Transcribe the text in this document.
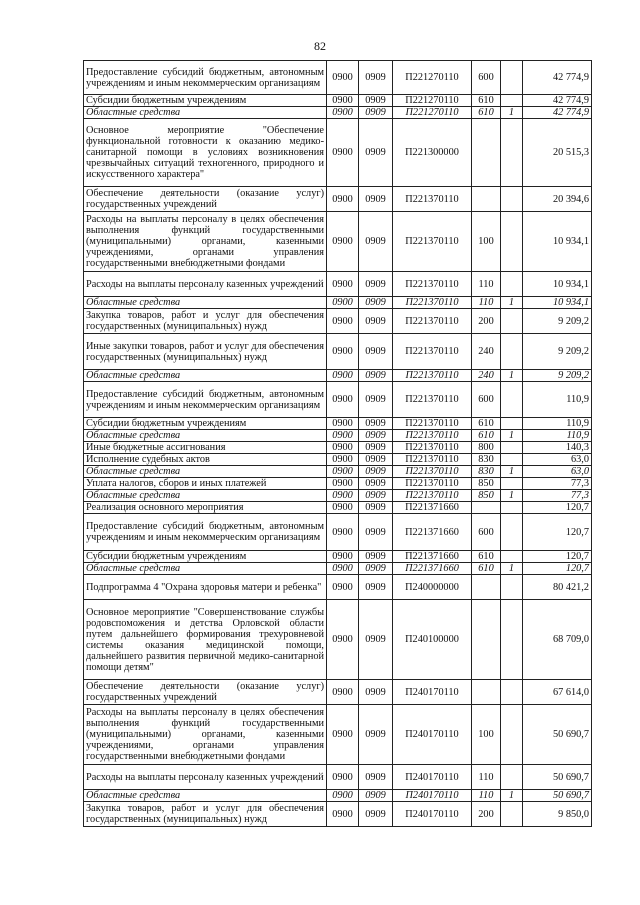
82
Предоставление субсидий бюджетным, автономным учреждениям и иным некоммерческим организациям	0900	0909	П221270110	600		42 774,9
Субсидии бюджетным учреждениям	0900	0909	П221270110	610		42 774,9
Областные средства	0900	0909	П221270110	610	1	42 774,9
Основное мероприятие "Обеспечение функциональной готовности к оказанию медико-санитарной помощи в условиях возникновения чрезвычайных ситуаций техногенного, природного и искусственного характера"	0900	0909	П221300000			20 515,3
Обеспечение деятельности (оказание услуг) государственных учреждений	0900	0909	П221370110			20 394,6
Расходы на выплаты персоналу в целях обеспечения выполнения функций государственными (муниципальными) органами, казенными учреждениями, органами управления государственными внебюджетными фондами	0900	0909	П221370110	100		10 934,1
Расходы на выплаты персоналу казенных учреждений	0900	0909	П221370110	110		10 934,1
Областные средства	0900	0909	П221370110	110	1	10 934,1
Закупка товаров, работ и услуг для обеспечения государственных (муниципальных) нужд	0900	0909	П221370110	200		9 209,2
Иные закупки товаров, работ и услуг для обеспечения государственных (муниципальных) нужд	0900	0909	П221370110	240		9 209,2
Областные средства	0900	0909	П221370110	240	1	9 209,2
Предоставление субсидий бюджетным, автономным учреждениям и иным некоммерческим организациям	0900	0909	П221370110	600		110,9
Субсидии бюджетным учреждениям	0900	0909	П221370110	610		110,9
Областные средства	0900	0909	П221370110	610	1	110,9
Иные бюджетные ассигнования	0900	0909	П221370110	800		140,3
Исполнение судебных актов	0900	0909	П221370110	830		63,0
Областные средства	0900	0909	П221370110	830	1	63,0
Уплата налогов, сборов и иных платежей	0900	0909	П221370110	850		77,3
Областные средства	0900	0909	П221370110	850	1	77,3
Реализация основного мероприятия	0900	0909	П221371660			120,7
Предоставление субсидий бюджетным, автономным учреждениям и иным некоммерческим организациям	0900	0909	П221371660	600		120,7
Субсидии бюджетным учреждениям	0900	0909	П221371660	610		120,7
Областные средства	0900	0909	П221371660	610	1	120,7
Подпрограмма 4 "Охрана здоровья матери и ребенка"	0900	0909	П240000000			80 421,2
Основное мероприятие "Совершенствование службы родовспоможения и детства Орловской области путем дальнейшего формирования трехуровневой системы оказания медицинской помощи, дальнейшего развития первичной медико-санитарной помощи детям"	0900	0909	П240100000			68 709,0
Обеспечение деятельности (оказание услуг) государственных учреждений	0900	0909	П240170110			67 614,0
Расходы на выплаты персоналу в целях обеспечения выполнения функций государственными (муниципальными) органами, казенными учреждениями, органами управления государственными внебюджетными фондами	0900	0909	П240170110	100		50 690,7
Расходы на выплаты персоналу казенных учреждений	0900	0909	П240170110	110		50 690,7
Областные средства	0900	0909	П240170110	110	1	50 690,7
Закупка товаров, работ и услуг для обеспечения государственных (муниципальных) нужд	0900	0909	П240170110	200		9 850,0
